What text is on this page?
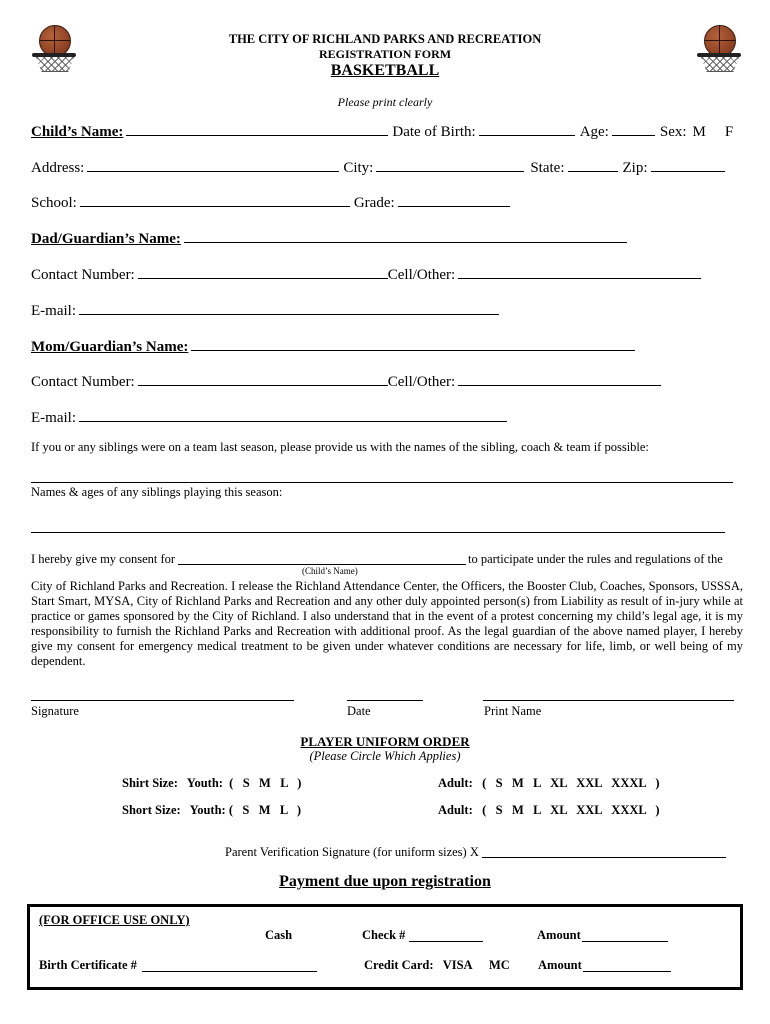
THE CITY OF RICHLAND PARKS AND RECREATION
REGISTRATION FORM
BASKETBALL
Please print clearly
Child’s Name:	Date of Birth:	Age:	Sex: M F
Address:	City:	State:	Zip:
School:	Grade:
Dad/Guardian’s Name:
Contact Number:	Cell/Other:
E-mail:
Mom/Guardian’s Name:
Contact Number:	Cell/Other:
E-mail:
If you or any siblings were on a team last season, please provide us with the names of the sibling, coach & team if possible:
Names & ages of any siblings playing this season:
I hereby give my consent for	to participate under the rules and regulations of the
(Child’s Name)
City of Richland Parks and Recreation. I release the Richland Attendance Center, the Officers, the Booster Club, Coaches, Sponsors, USSSA, Start Smart, MYSA, City of Richland Parks and Recreation and any other duly appointed person(s) from Liability as result of in-jury while at practice or games sponsored by the City of Richland. I also understand that in the event of a protest concerning my child’s legal age, it is my responsibility to furnish the Richland Parks and Recreation with additional proof. As the legal guardian of the above named player, I hereby give my consent for emergency medical treatment to be given under whatever conditions are necessary for life, limb, or well being of my dependent.
Signature	Date	Print Name
PLAYER UNIFORM ORDER
(Please Circle Which Applies)
Shirt Size:   Youth:  (   S   M   L   )	Adult:   (   S   M   L   XL   XXL   XXXL   )
Short Size:   Youth: (   S   M   L   )	Adult:   (   S   M   L   XL   XXL   XXXL   )
Parent Verification Signature (for uniform sizes) X
Payment due upon registration
(FOR OFFICE USE ONLY)
Cash	Check #	Amount
Birth Certificate #	Credit Card:   VISA MC Amount
